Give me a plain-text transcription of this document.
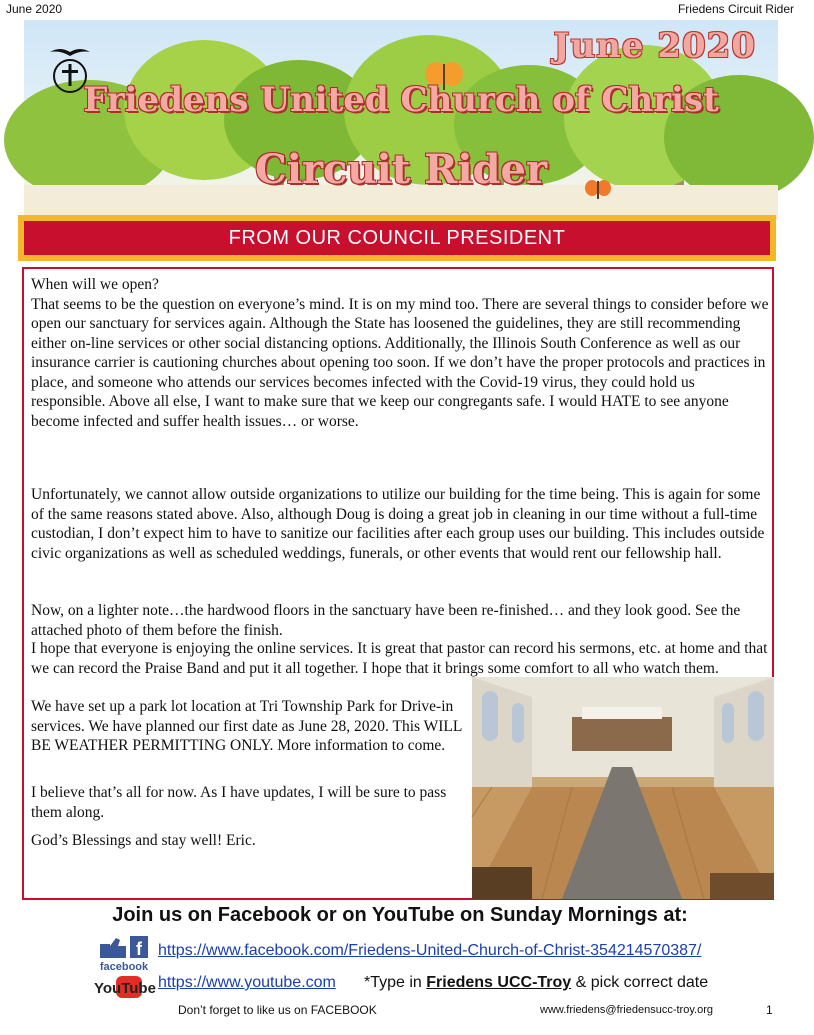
June 2020	Friedens Circuit Rider
June 2020
Friedens United Church of Christ
Circuit Rider
FROM OUR COUNCIL PRESIDENT

When will we open?
That seems to be the question on everyone’s mind. It is on my mind too. There are several things to consider before we open our sanctuary for services again. Although the State has loosened the guidelines, they are still recommending either on-line services or other social distancing options. Additionally, the Illinois South Conference as well as our insurance carrier is cautioning churches about opening too soon. If we don’t have the proper protocols and practices in place, and someone who attends our services becomes infected with the Covid-19 virus, they could hold us responsible. Above all else, I want to make sure that we keep our congregants safe. I would HATE to see anyone become infected and suffer health issues… or worse.

Unfortunately, we cannot allow outside organizations to utilize our building for the time being. This is again for some of the same reasons stated above. Also, although Doug is doing a great job in cleaning in our time without a full-time custodian, I don’t expect him to have to sanitize our facilities after each group uses our building. This includes outside civic organizations as well as scheduled weddings, funerals, or other events that would rent our fellowship hall.

Now, on a lighter note…the hardwood floors in the sanctuary have been re-finished… and they look good. See the attached photo of them before the finish.

I hope that everyone is enjoying the online services. It is great that pastor can record his sermons, etc. at home and that we can record the Praise Band and put it all together. I hope that it brings some comfort to all who watch them.

We have set up a park lot location at Tri Township Park for Drive-in services. We have planned our first date as June 28, 2020. This WILL BE WEATHER PERMITTING ONLY. More information to come.

I believe that’s all for now. As I have updates, I will be sure to pass them along.

God’s Blessings and stay well! Eric.

Join us on Facebook or on YouTube on Sunday Mornings at:
f
facebook
https://www.facebook.com/Friedens-United-Church-of-Christ-354214570387/
YouTube https://www.youtube.com *Type in Friedens UCC-Troy & pick correct date
Don’t forget to like us on FACEBOOK	www.friedens@friedensucc-troy.org	1
